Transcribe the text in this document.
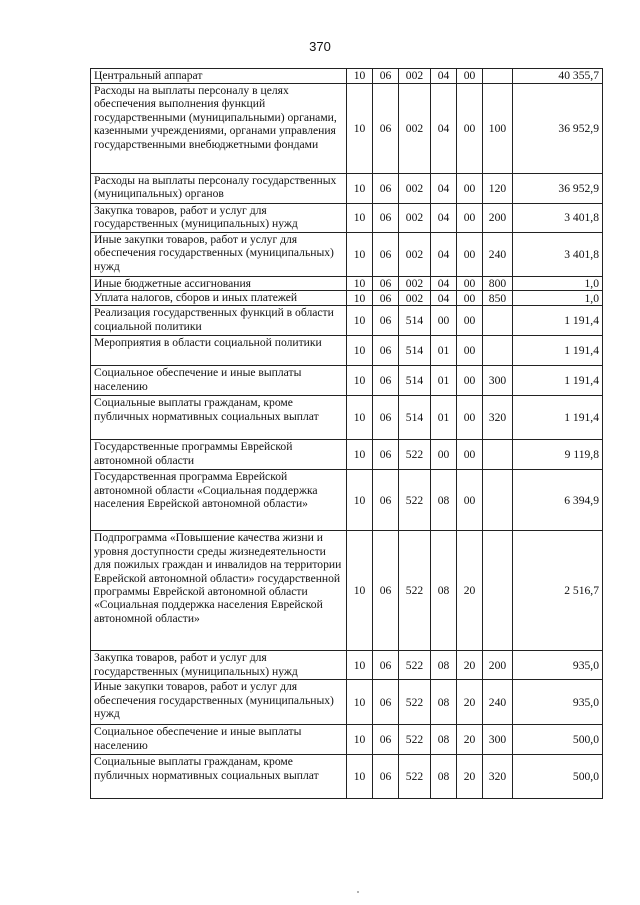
370
Центральный аппарат	10	06	002	04	00		40 355,7
Расходы на выплаты персоналу в целях обеспечения выполнения функций государственными (муниципальными) органами, казенными учреждениями, органами управления государственными внебюджетными фондами	10	06	002	04	00	100	36 952,9
Расходы на выплаты персоналу государственных (муниципальных) органов	10	06	002	04	00	120	36 952,9
Закупка товаров, работ и услуг для государственных (муниципальных) нужд	10	06	002	04	00	200	3 401,8
Иные закупки товаров, работ и услуг для обеспечения государственных (муниципальных) нужд	10	06	002	04	00	240	3 401,8
Иные бюджетные ассигнования	10	06	002	04	00	800	1,0
Уплата налогов, сборов и иных платежей	10	06	002	04	00	850	1,0
Реализация государственных функций в области социальной политики	10	06	514	00	00		1 191,4
Мероприятия в области социальной политики	10	06	514	01	00		1 191,4
Социальное обеспечение и иные выплаты населению	10	06	514	01	00	300	1 191,4
Социальные выплаты гражданам, кроме публичных нормативных социальных выплат	10	06	514	01	00	320	1 191,4
Государственные программы Еврейской автономной области	10	06	522	00	00		9 119,8
Государственная программа Еврейской автономной области «Социальная поддержка населения Еврейской автономной области»	10	06	522	08	00		6 394,9
Подпрограмма «Повышение качества жизни и уровня доступности среды жизнедеятельности для пожилых граждан и инвалидов на территории Еврейской автономной области» государственной программы Еврейской автономной области «Социальная поддержка населения Еврейской автономной области»	10	06	522	08	20		2 516,7
Закупка товаров, работ и услуг для государственных (муниципальных) нужд	10	06	522	08	20	200	935,0
Иные закупки товаров, работ и услуг для обеспечения государственных (муниципальных) нужд	10	06	522	08	20	240	935,0
Социальное обеспечение и иные выплаты населению	10	06	522	08	20	300	500,0
Социальные выплаты гражданам, кроме публичных нормативных социальных выплат	10	06	522	08	20	320	500,0
